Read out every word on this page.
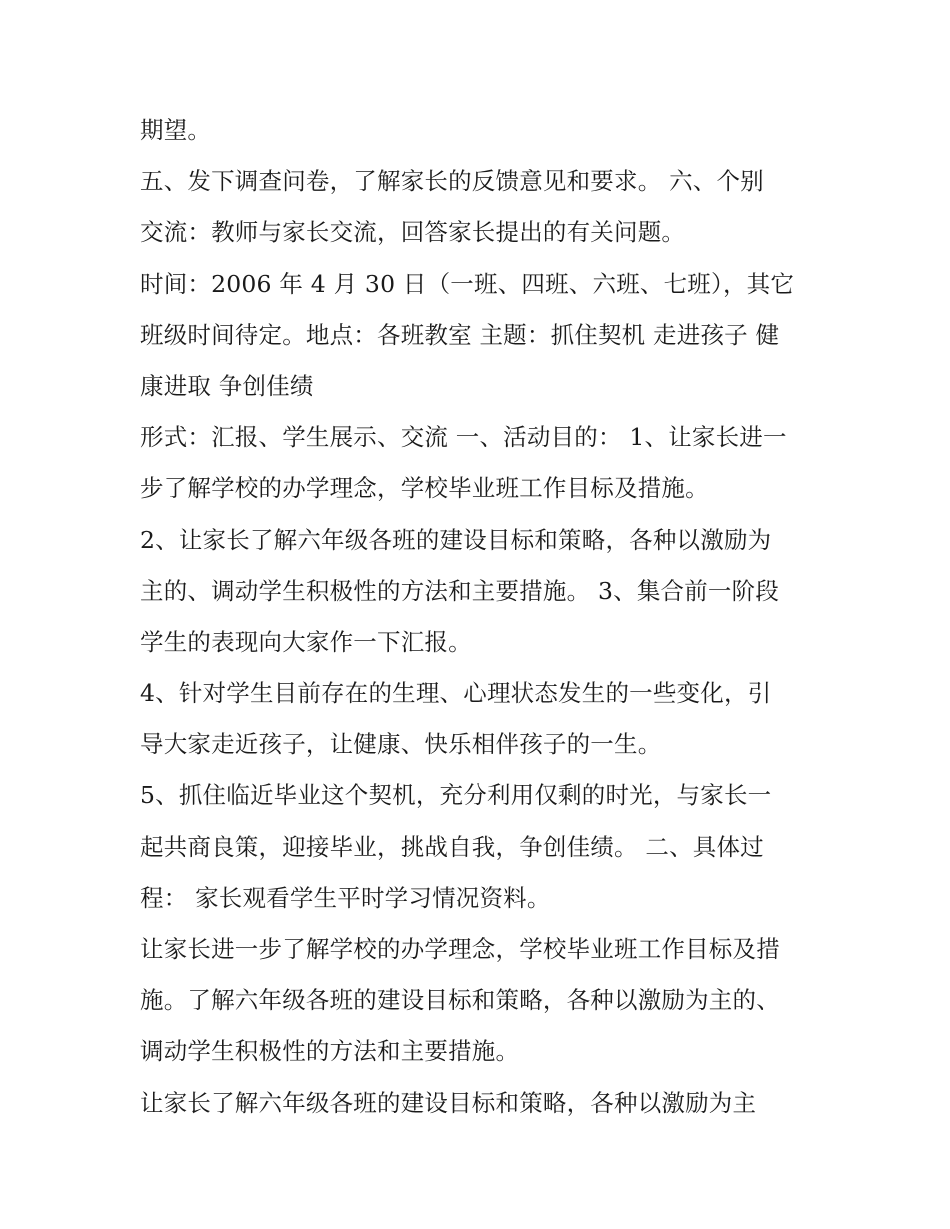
期望。
五、发下调查问卷，了解家长的反馈意见和要求。 六、个别
交流：教师与家长交流，回答家长提出的有关问题。
时间：2006 年 4 月 30 日（一班、四班、六班、七班），其它
班级时间待定。地点：各班教室 主题：抓住契机 走进孩子 健
康进取 争创佳绩
形式：汇报、学生展示、交流 一、活动目的： 1、让家长进一
步了解学校的办学理念，学校毕业班工作目标及措施。
2、让家长了解六年级各班的建设目标和策略，各种以激励为
主的、调动学生积极性的方法和主要措施。 3、集合前一阶段
学生的表现向大家作一下汇报。
4、针对学生目前存在的生理、心理状态发生的一些变化，引
导大家走近孩子，让健康、快乐相伴孩子的一生。
5、抓住临近毕业这个契机，充分利用仅剩的时光，与家长一
起共商良策，迎接毕业，挑战自我，争创佳绩。 二、具体过
程： 家长观看学生平时学习情况资料。
让家长进一步了解学校的办学理念，学校毕业班工作目标及措
施。了解六年级各班的建设目标和策略，各种以激励为主的、
调动学生积极性的方法和主要措施。
让家长了解六年级各班的建设目标和策略，各种以激励为主
